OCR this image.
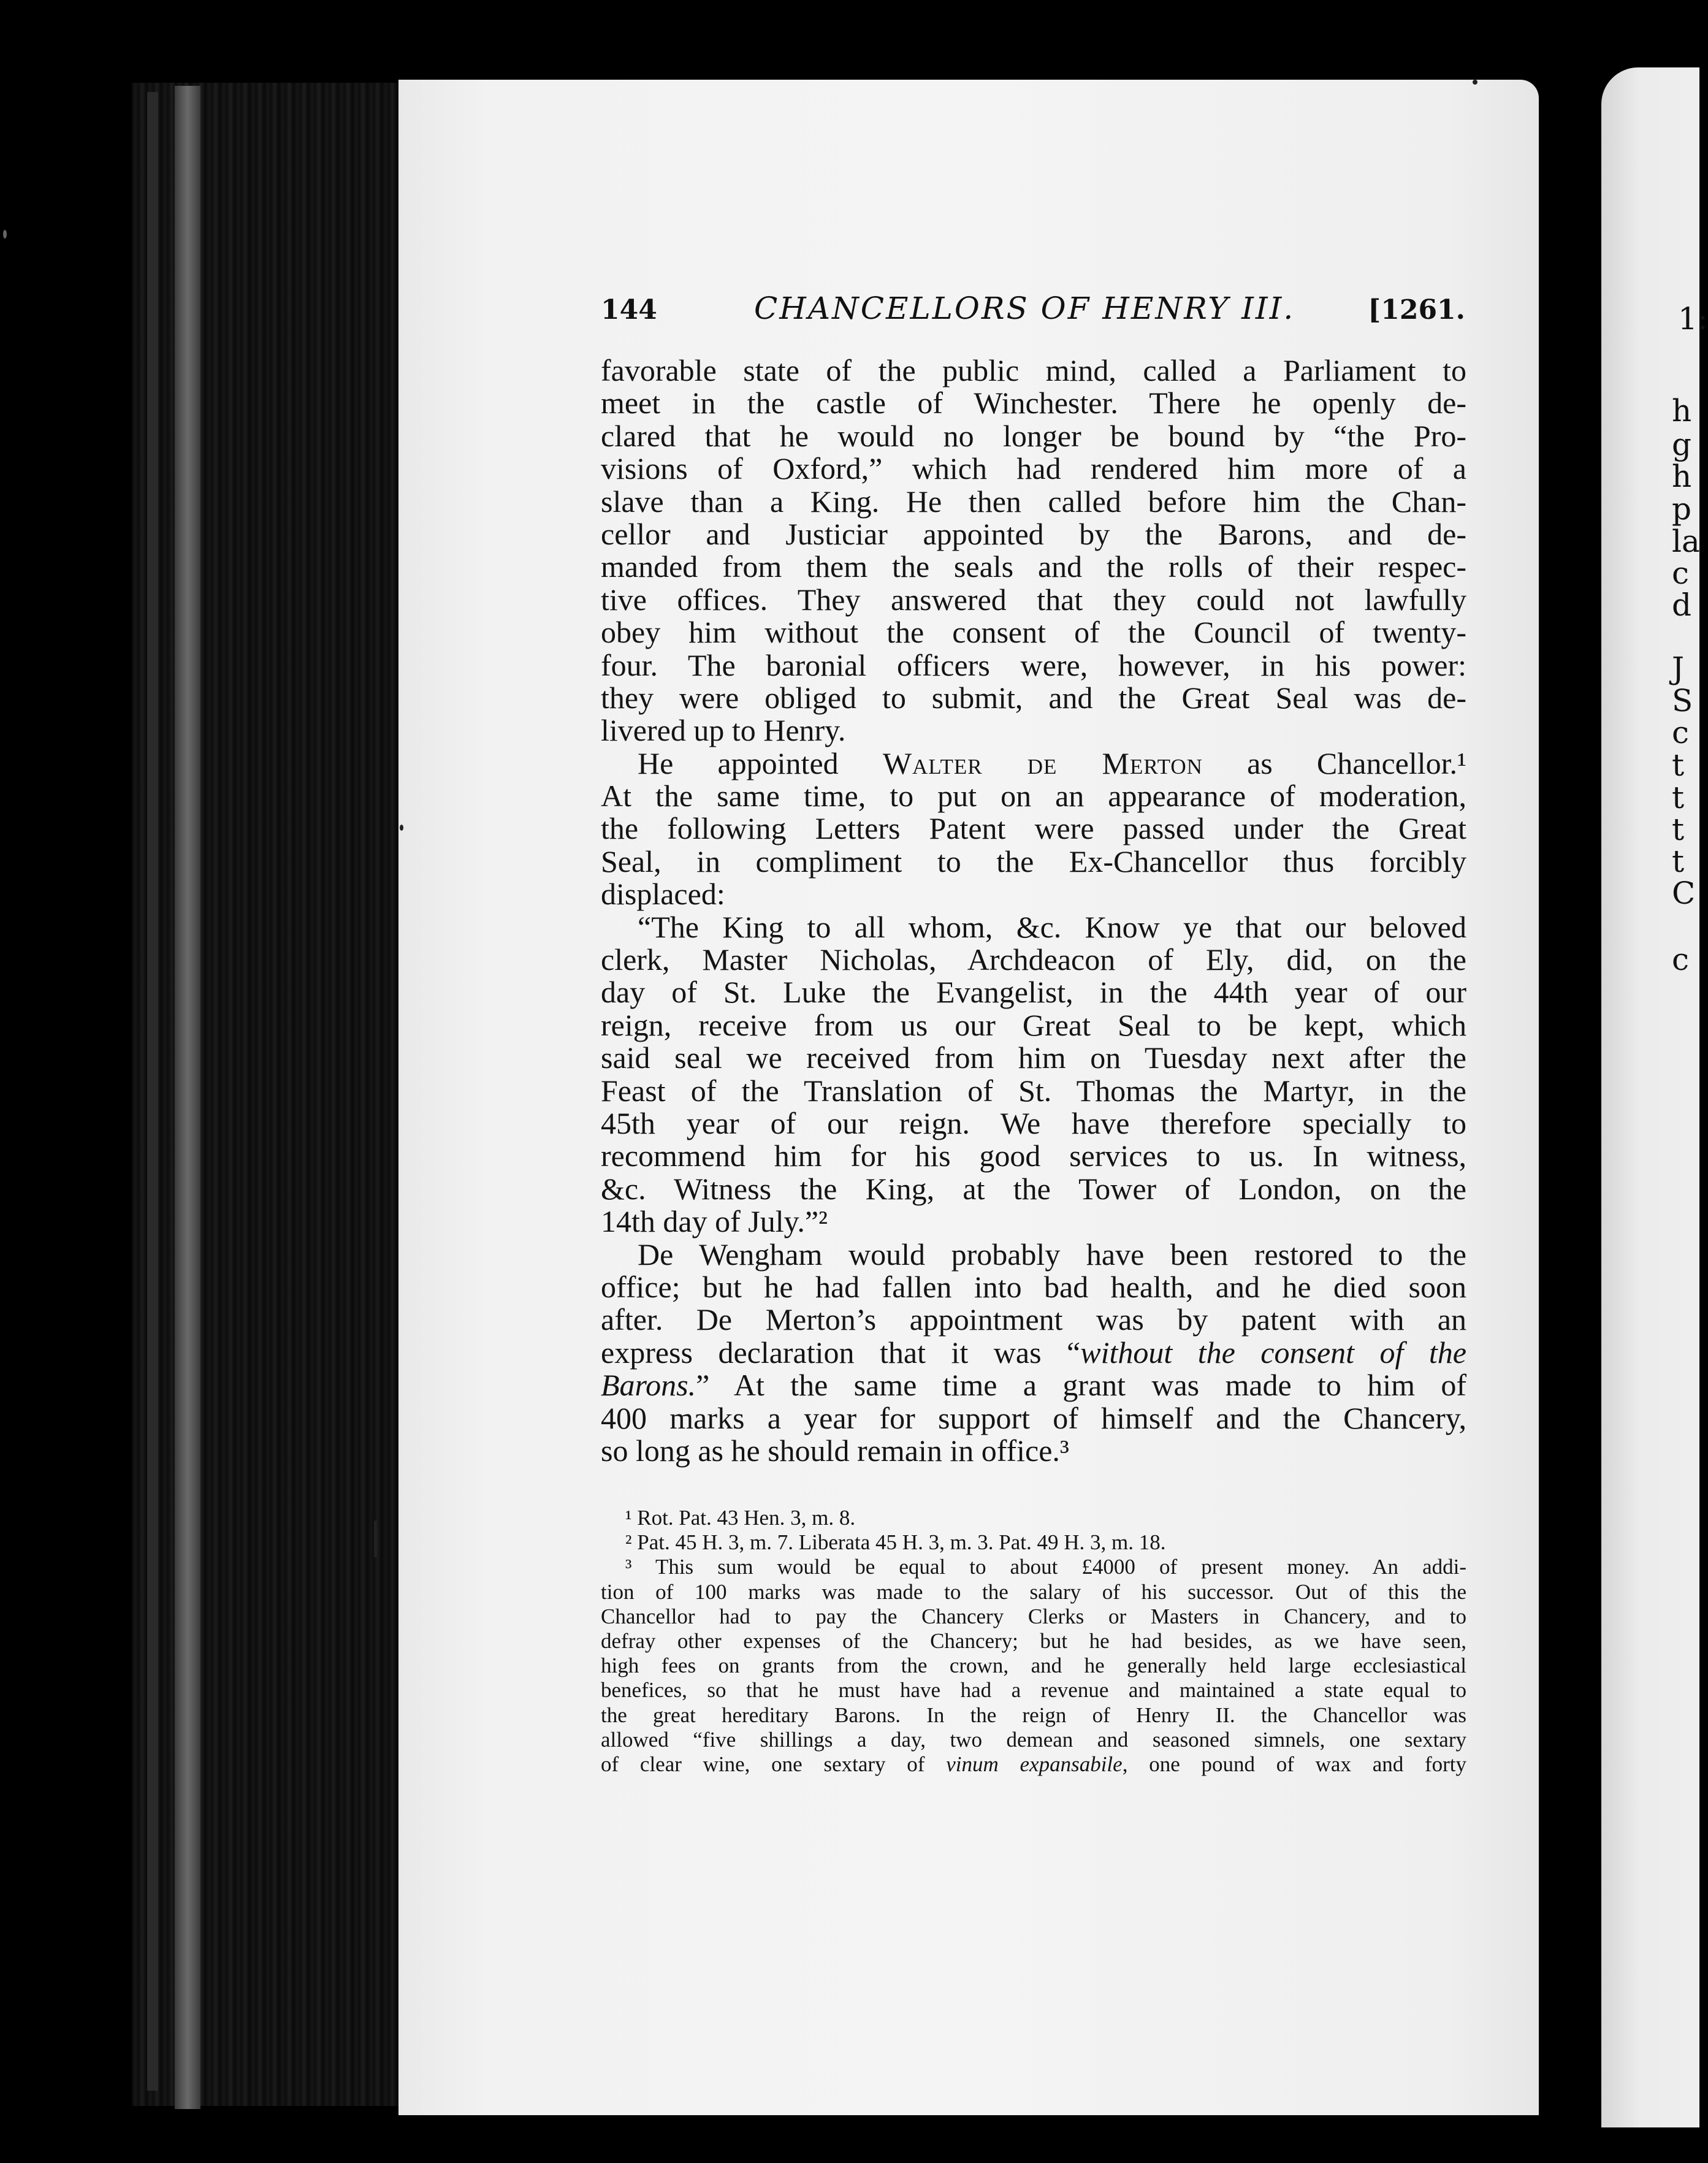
1:
h
g
h
p
la
c
d
J
S
c
t
t
t
t
C
c
144	CHANCELLORS OF HENRY III.	[1261.
favorable state of the public mind, called a Parliament to
meet in the castle of Winchester. There he openly de-
clared that he would no longer be bound by “the Pro-
visions of Oxford,” which had rendered him more of a
slave than a King. He then called before him the Chan-
cellor and Justiciar appointed by the Barons, and de-
manded from them the seals and the rolls of their respec-
tive offices. They answered that they could not lawfully
obey him without the consent of the Council of twenty-
four. The baronial officers were, however, in his power:
they were obliged to submit, and the Great Seal was de-
livered up to Henry.
He appointed Walter de Merton as Chancellor.¹
At the same time, to put on an appearance of moderation,
the following Letters Patent were passed under the Great
Seal, in compliment to the Ex-Chancellor thus forcibly
displaced:
“The King to all whom, &c. Know ye that our beloved
clerk, Master Nicholas, Archdeacon of Ely, did, on the
day of St. Luke the Evangelist, in the 44th year of our
reign, receive from us our Great Seal to be kept, which
said seal we received from him on Tuesday next after the
Feast of the Translation of St. Thomas the Martyr, in the
45th year of our reign. We have therefore specially to
recommend him for his good services to us. In witness,
&c. Witness the King, at the Tower of London, on the
14th day of July.”²
De Wengham would probably have been restored to the
office; but he had fallen into bad health, and he died soon
after. De Merton’s appointment was by patent with an
express declaration that it was “without the consent of the
Barons.” At the same time a grant was made to him of
400 marks a year for support of himself and the Chancery,
so long as he should remain in office.³
¹ Rot. Pat. 43 Hen. 3, m. 8.
² Pat. 45 H. 3, m. 7. Liberata 45 H. 3, m. 3. Pat. 49 H. 3, m. 18.
³ This sum would be equal to about £4000 of present money. An addi-
tion of 100 marks was made to the salary of his successor. Out of this the
Chancellor had to pay the Chancery Clerks or Masters in Chancery, and to
defray other expenses of the Chancery; but he had besides, as we have seen,
high fees on grants from the crown, and he generally held large ecclesiastical
benefices, so that he must have had a revenue and maintained a state equal to
the great hereditary Barons. In the reign of Henry II. the Chancellor was
allowed “five shillings a day, two demean and seasoned simnels, one sextary
of clear wine, one sextary of vinum expansabile, one pound of wax and forty
